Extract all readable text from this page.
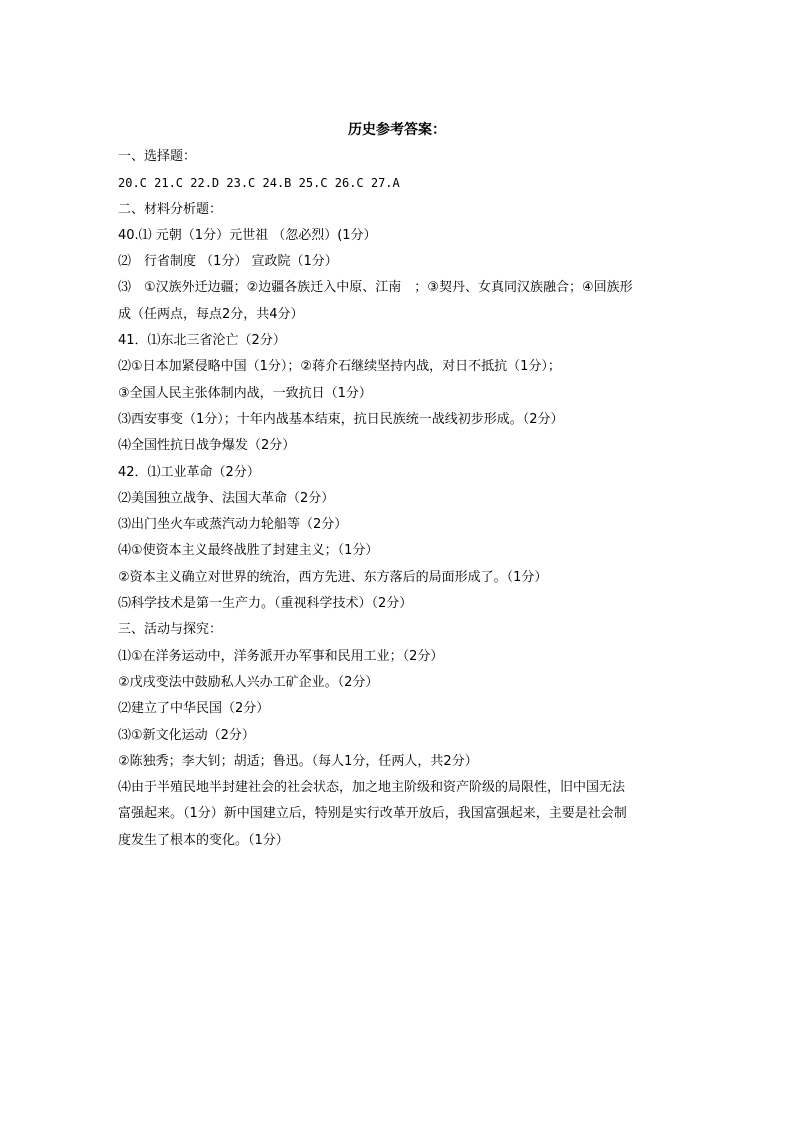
历史参考答案：
一、选择题：
20.C 21.C 22.D 23.C 24.B 25.C 26.C 27.A
二、材料分析题：
40.⑴ 元朝（1分）元世祖 （忽必烈）(1分）
⑵　行省制度 （1分） 宣政院（1分）
⑶　①汉族外迁边疆；②边疆各族迁入中原、江南　；③契丹、女真同汉族融合；④回族形
成（任两点，每点2分，共4分）
41．⑴东北三省沦亡（2分）
⑵①日本加紧侵略中国（1分）；②蒋介石继续坚持内战，对日不抵抗（1分）；
③全国人民主张体制内战，一致抗日（1分）
⑶西安事变（1分）；十年内战基本结束，抗日民族统一战线初步形成。（2分）
⑷全国性抗日战争爆发（2分）
42．⑴工业革命（2分）
⑵美国独立战争、法国大革命（2分）
⑶出门坐火车或蒸汽动力轮船等（2分）
⑷①使资本主义最终战胜了封建主义；（1分）
②资本主义确立对世界的统治，西方先进、东方落后的局面形成了。（1分）
⑸科学技术是第一生产力。（重视科学技术）（2分）
三、活动与探究：
⑴①在洋务运动中，洋务派开办军事和民用工业；（2分）
②戊戌变法中鼓励私人兴办工矿企业。（2分）
⑵建立了中华民国（2分）
⑶①新文化运动（2分）
②陈独秀；李大钊；胡适；鲁迅。（每人1分，任两人，共2分）
⑷由于半殖民地半封建社会的社会状态，加之地主阶级和资产阶级的局限性，旧中国无法
富强起来。（1分）新中国建立后，特别是实行改革开放后，我国富强起来，主要是社会制
度发生了根本的变化。（1分）
